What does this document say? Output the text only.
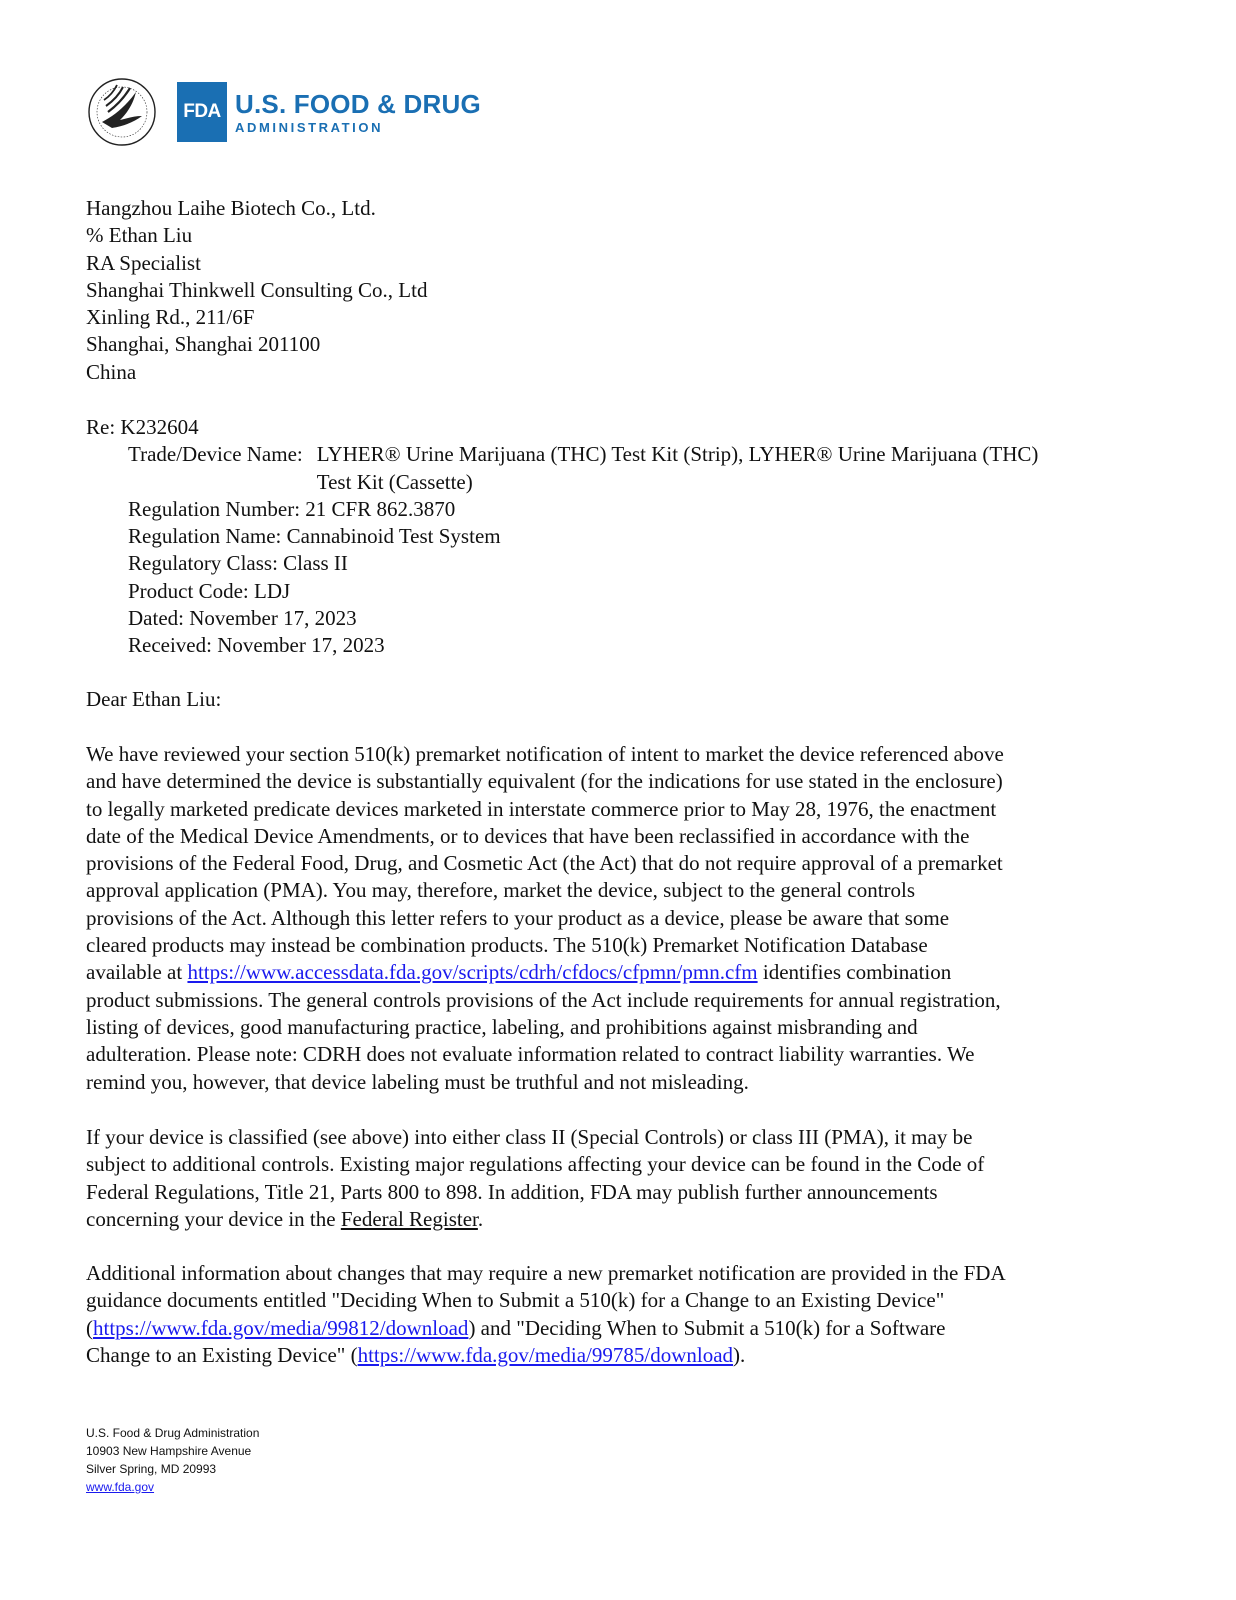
FDA U.S. FOOD & DRUG
ADMINISTRATION
Hangzhou Laihe Biotech Co., Ltd.
% Ethan Liu
RA Specialist
Shanghai Thinkwell Consulting Co., Ltd
Xinling Rd., 211/6F
Shanghai, Shanghai 201100
China
Re: K232604
Trade/Device Name: LYHER® Urine Marijuana (THC) Test Kit (Strip), LYHER® Urine Marijuana (THC) Test Kit (Cassette)
Regulation Number: 21 CFR 862.3870
Regulation Name: Cannabinoid Test System
Regulatory Class: Class II
Product Code: LDJ
Dated: November 17, 2023
Received: November 17, 2023
Dear Ethan Liu:
We have reviewed your section 510(k) premarket notification of intent to market the device referenced above
and have determined the device is substantially equivalent (for the indications for use stated in the enclosure)
to legally marketed predicate devices marketed in interstate commerce prior to May 28, 1976, the enactment
date of the Medical Device Amendments, or to devices that have been reclassified in accordance with the
provisions of the Federal Food, Drug, and Cosmetic Act (the Act) that do not require approval of a premarket
approval application (PMA). You may, therefore, market the device, subject to the general controls
provisions of the Act. Although this letter refers to your product as a device, please be aware that some
cleared products may instead be combination products. The 510(k) Premarket Notification Database
available at https://www.accessdata.fda.gov/scripts/cdrh/cfdocs/cfpmn/pmn.cfm identifies combination
product submissions. The general controls provisions of the Act include requirements for annual registration,
listing of devices, good manufacturing practice, labeling, and prohibitions against misbranding and
adulteration. Please note: CDRH does not evaluate information related to contract liability warranties. We
remind you, however, that device labeling must be truthful and not misleading.
If your device is classified (see above) into either class II (Special Controls) or class III (PMA), it may be
subject to additional controls. Existing major regulations affecting your device can be found in the Code of
Federal Regulations, Title 21, Parts 800 to 898. In addition, FDA may publish further announcements
concerning your device in the Federal Register.
Additional information about changes that may require a new premarket notification are provided in the FDA
guidance documents entitled "Deciding When to Submit a 510(k) for a Change to an Existing Device"
(https://www.fda.gov/media/99812/download) and "Deciding When to Submit a 510(k) for a Software
Change to an Existing Device" (https://www.fda.gov/media/99785/download).
U.S. Food & Drug Administration
10903 New Hampshire Avenue
Silver Spring, MD 20993
www.fda.gov
